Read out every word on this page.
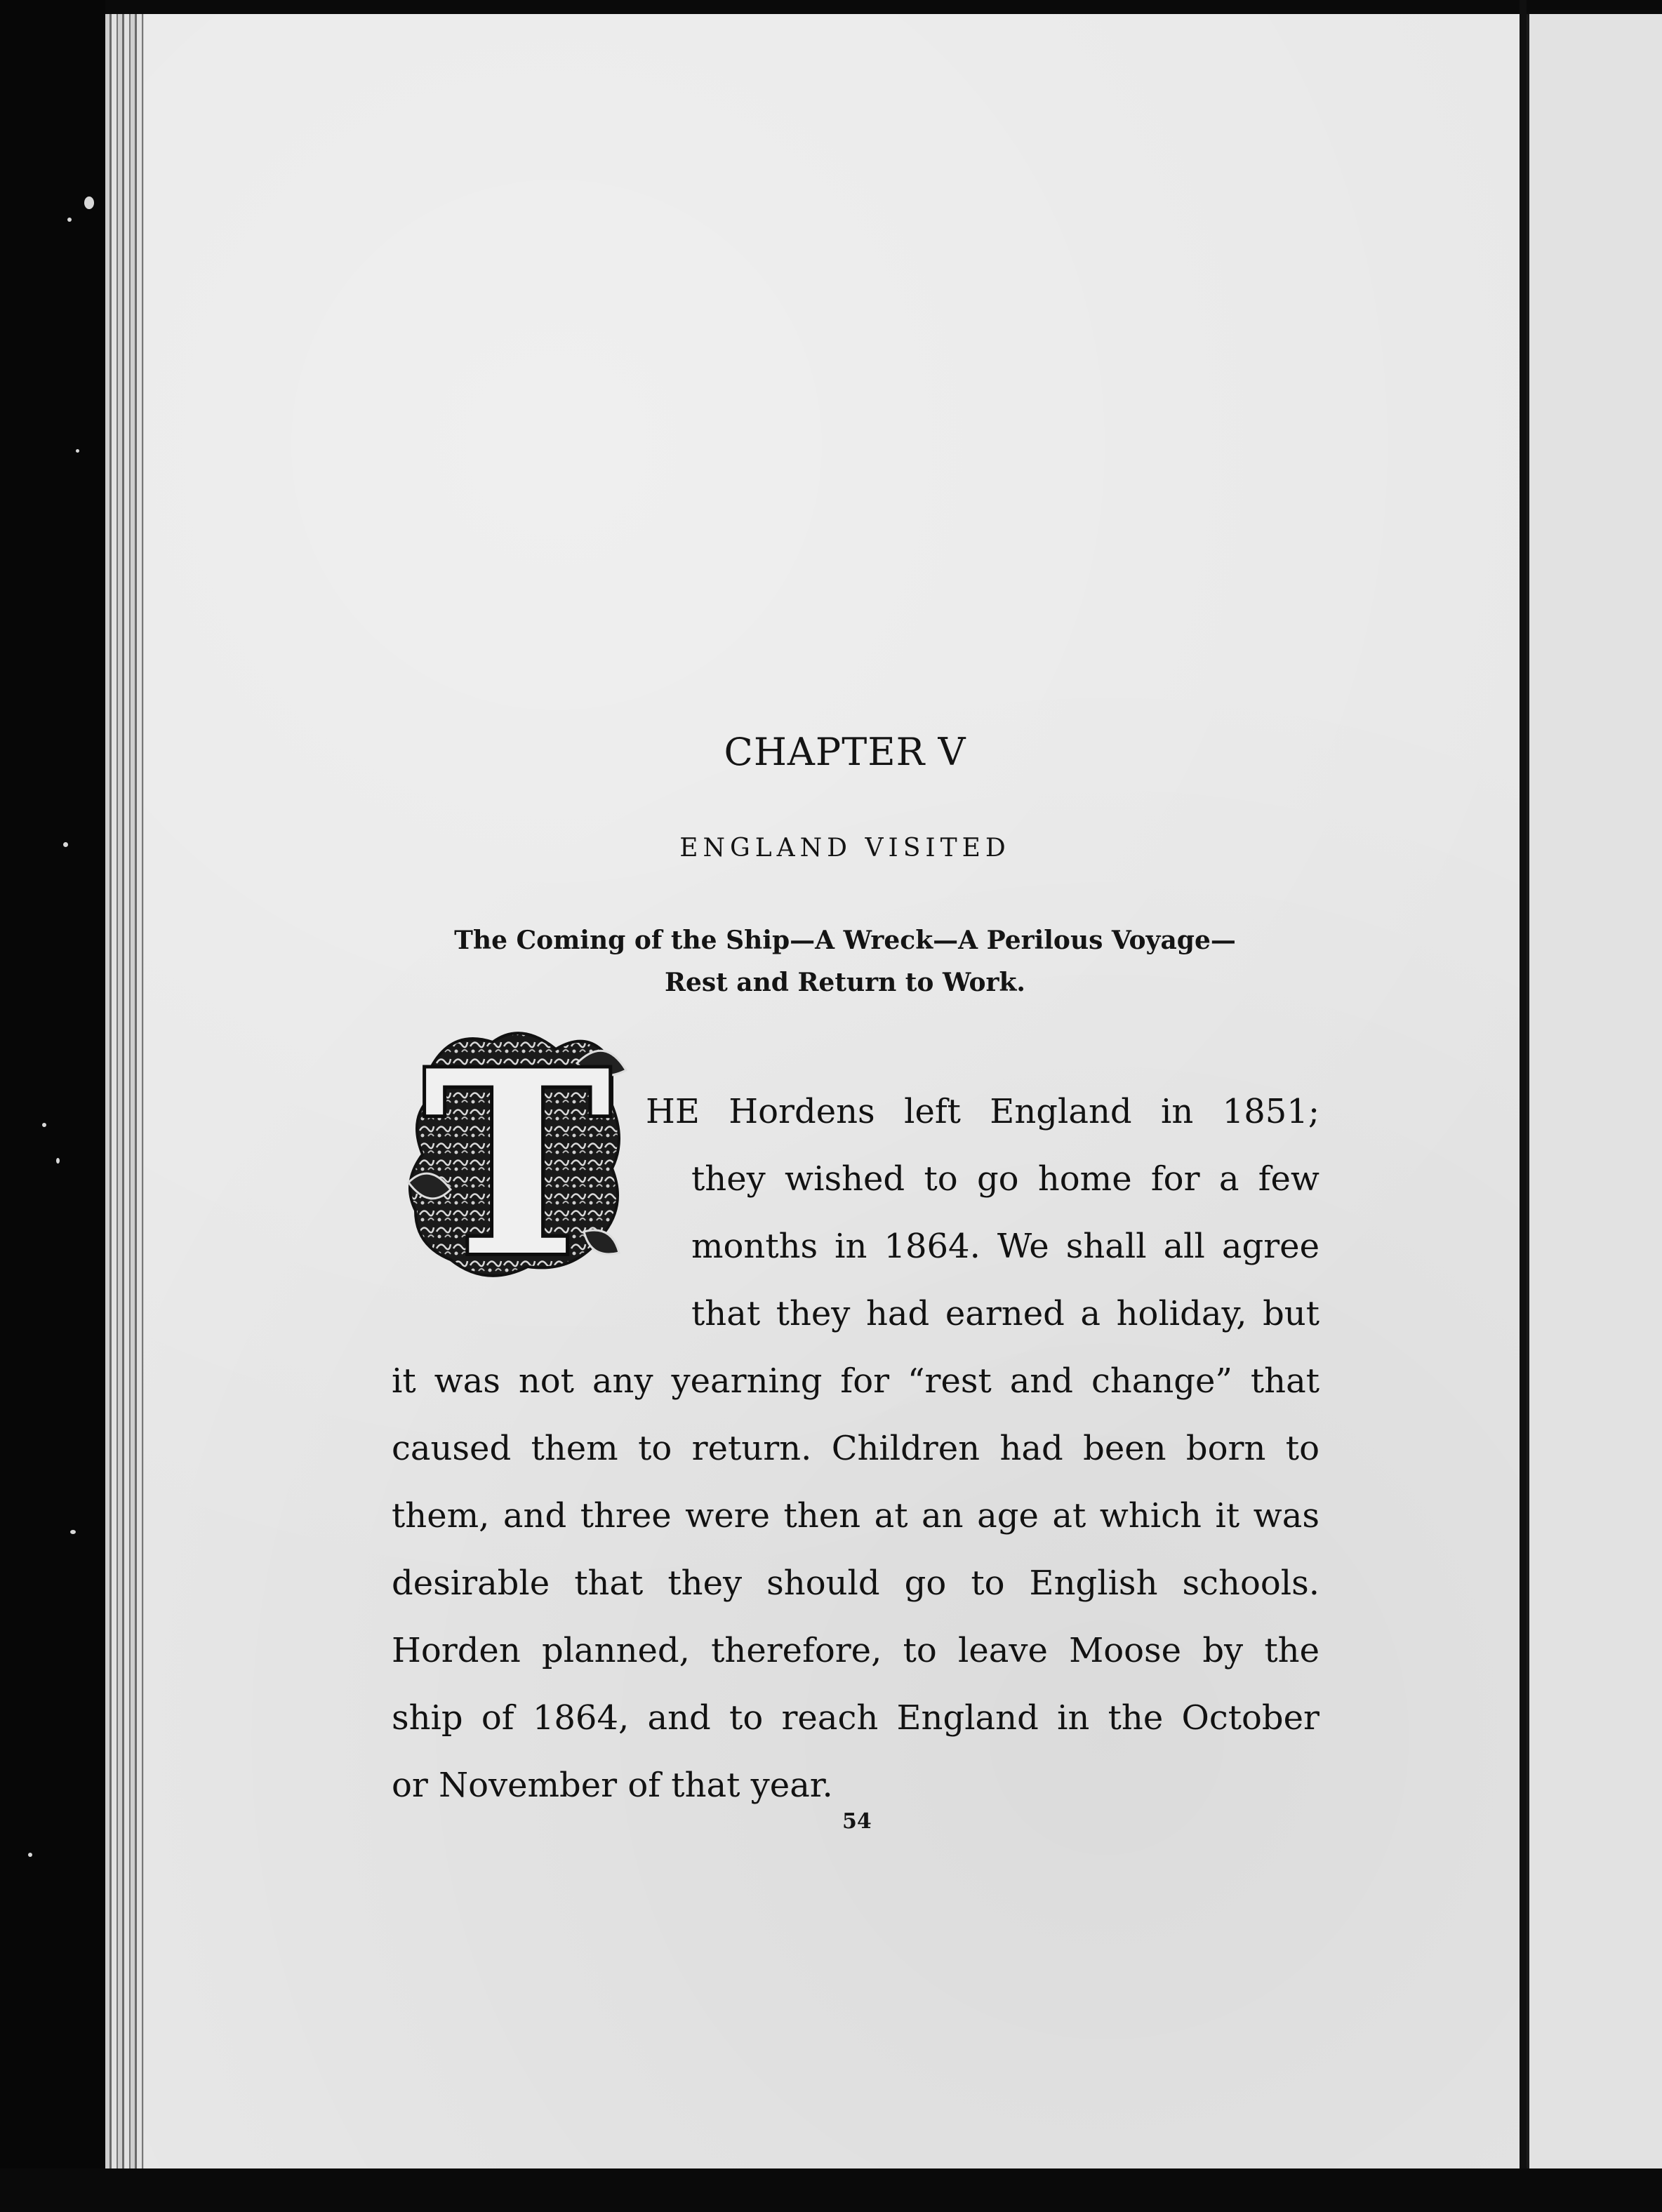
CHAPTER V
ENGLAND VISITED
The Coming of the Ship—A Wreck—A Perilous Voyage—
Rest and Return to Work.
T HE Hordens left England in 1851;
they wished to go home for a few
months in 1864. We shall all agree
that they had earned a holiday, but
it was not any yearning for “rest and change” that
caused them to return. Children had been born to
them, and three were then at an age at which it was
desirable that they should go to English schools.
Horden planned, therefore, to leave Moose by the
ship of 1864, and to reach England in the October
or November of that year.
54
